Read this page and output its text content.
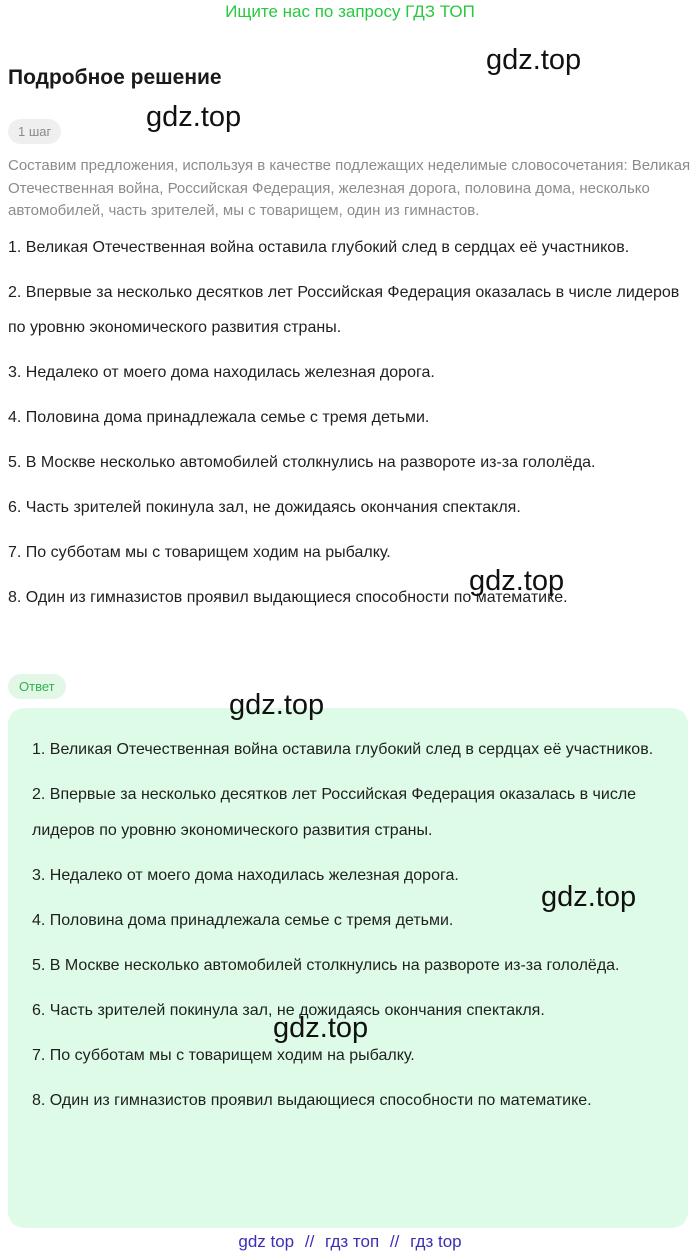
Ищите нас по запросу ГДЗ ТОП
gdz.top
Подробное решение
1 шаг	gdz.top

Составим предложения, используя в качестве подлежащих неделимые словосочетания: Великая Отечественная война, Российская Федерация, железная дорога, половина дома, несколько автомобилей, часть зрителей, мы с товарищем, один из гимнастов.

1. Великая Отечественная война оставила глубокий след в сердцах её участников.
2. Впервые за несколько десятков лет Российская Федерация оказалась в числе лидеров по уровню экономического развития страны.
3. Недалеко от моего дома находилась железная дорога.
4. Половина дома принадлежала семье с тремя детьми.
5. В Москве несколько автомобилей столкнулись на развороте из-за гололёда.
6. Часть зрителей покинула зал, не дожидаясь окончания спектакля.
7. По субботам мы с товарищем ходим на рыбалку.
8. Один из гимназистов проявил выдающиеся способности по математике.
gdz.top
Ответ
1. Великая Отечественная война оставила глубокий след в сердцах её участников.
2. Впервые за несколько десятков лет Российская Федерация оказалась в числе лидеров по уровню экономического развития страны.
3. Недалеко от моего дома находилась железная дорога.
4. Половина дома принадлежала семье с тремя детьми.
5. В Москве несколько автомобилей столкнулись на развороте из-за гололёда.
6. Часть зрителей покинула зал, не дожидаясь окончания спектакля.
7. По субботам мы с товарищем ходим на рыбалку.
8. Один из гимназистов проявил выдающиеся способности по математике.
gdz.top
gdz.top
gdz.top
gdz top // гдз топ // гдз top
